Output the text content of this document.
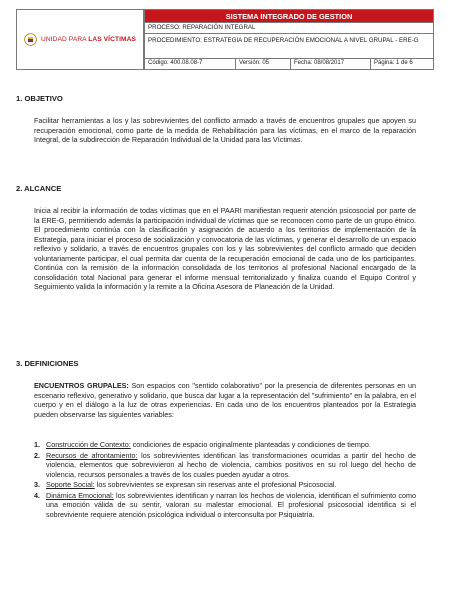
UNIDAD PARA LAS VÍCTIMAS
SISTEMA INTEGRADO DE GESTION
PROCESO: REPARACIÓN INTEGRAL
PROCEDIMIENTO: ESTRATEGIA DE RECUPERACIÓN EMOCIONAL A NIVEL GRUPAL - ERE-G
Código: 400.08.08-7	Versión: 05	Fecha: 08/08/2017	Página: 1 de 6
1. OBJETIVO
Facilitar herramientas a los y las sobrevivientes del conflicto armado a través de encuentros grupales que apoyen su recuperación emocional, como parte de la medida de Rehabilitación para las víctimas, en el marco de la reparación Integral, de la subdirección de Reparación Individual de la Unidad para las Víctimas.
2. ALCANCE
Inicia al recibir la información de todas víctimas que en el PAARI manifiestan requerir atención psicosocial por parte de la ERE-G, permitiendo además la participación individual de víctimas que se reconocen como parte de un grupo étnico. El procedimiento continúa con la clasificación y asignación de acuerdo a los territorios de implementación de la Estrategia, para iniciar el proceso de socialización y convocatoria de las víctimas, y generar el desarrollo de un espacio reflexivo y solidario, a través de encuentros grupales con los y las sobrevivientes del conflicto armado que deciden voluntariamente participar, el cual permita dar cuenta de la recuperación emocional de cada uno de los participantes. Continúa con la remisión de la información consolidada de los territorios al profesional Nacional encargado de la consolidación total Nacional para generar el informe mensual territorializado y finaliza cuando el Equipo Control y Seguimiento valida la información y la remite a la Oficina Asesora de Planeación de la Unidad.
3. DEFINICIONES
ENCUENTROS GRUPALES: Son espacios con "sentido colaborativo" por la presencia de diferentes personas en un escenario reflexivo, generativo y solidario, que busca dar lugar a la representación del "sufrimiento" en la palabra, en el cuerpo y en el diálogo a la luz de otras experiencias. En cada uno de los encuentros planteados por la Estrategia pueden observarse las siguientes variables:
1. Construcción de Contexto: condiciones de espacio originalmente planteadas y condiciones de tiempo.
2. Recursos de afrontamiento: los sobrevivientes identifican las transformaciones ocurridas a partir del hecho de violencia, elementos que sobrevivieron al hecho de violencia, cambios positivos en su rol luego del hecho de violencia, recursos personales a través de los cuales pueden ayudar a otros.
3. Soporte Social: los sobrevivientes se expresan sin reservas ante el profesional Psicosocial.
4. Dinámica Emocional: los sobrevivientes identifican y narran los hechos de violencia, identifican el sufrimiento como una emoción válida de su sentir, valoran su malestar emocional. El profesional psicosocial identifica si el sobreviviente requiere atención psicológica individual o interconsulta por Psiquiatría.
